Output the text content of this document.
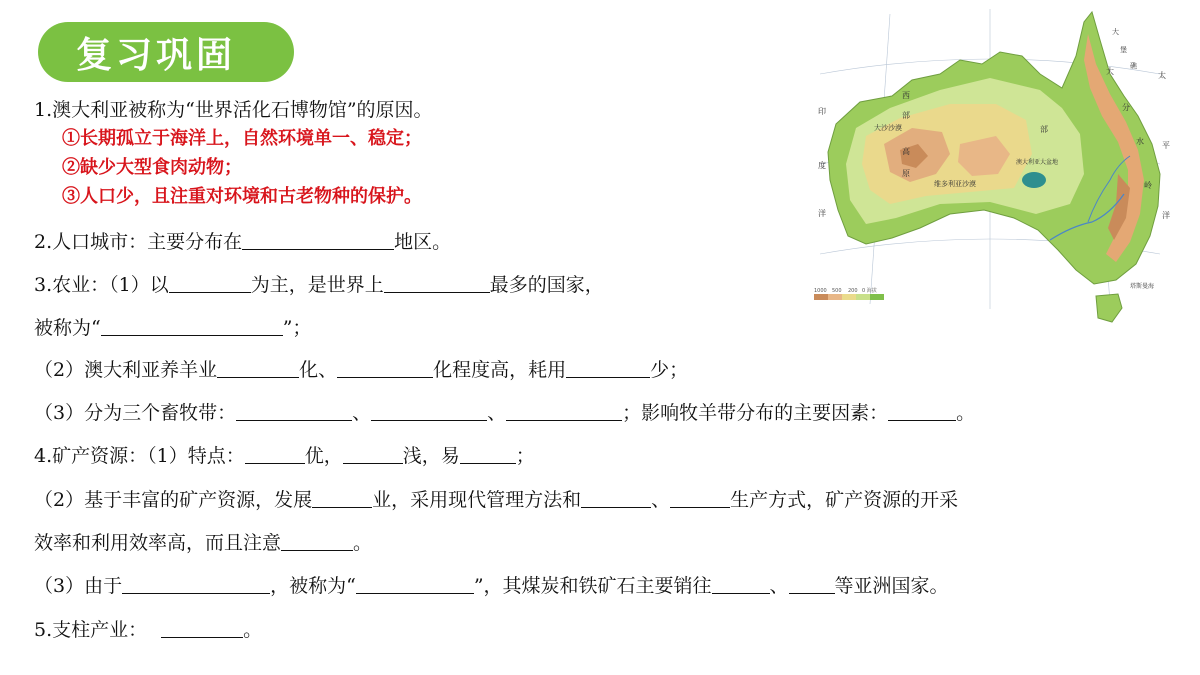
复习巩固
1.澳大利亚被称为“世界活化石博物馆”的原因。
①长期孤立于海洋上，自然环境单一、稳定；
②缺少大型食肉动物；
③人口少，且注重对环境和古老物种的保护。
2.人口城市：主要分布在	地区。
3.农业：（1）以	为主，是世界上	最多的国家，
被称为“	”；
（2）澳大利亚养羊业	化、	化程度高，耗用	少；
（3）分为三个畜牧带：	、	、	；影响牧羊带分布的主要因素：	。
4.矿产资源：（1）特点：	优，	浅，易	；
（2）基于丰富的矿产资源，发展	业，采用现代管理方法和	、	生产方式，矿产资源的开采
效率和利用效率高，而且注意	。
（3）由于	，被称为“	”，其煤炭和铁矿石主要销往	、 等亚洲国家。
5.支柱产业：	。
西
部
高
原
大沙沙漠
维多利亚沙漠
部
澳大利亚大盆地
大
分
水
岭
印
度
洋
太
平
洋
塔斯曼海
大
堡
礁
1000 500 200 0 海拔
